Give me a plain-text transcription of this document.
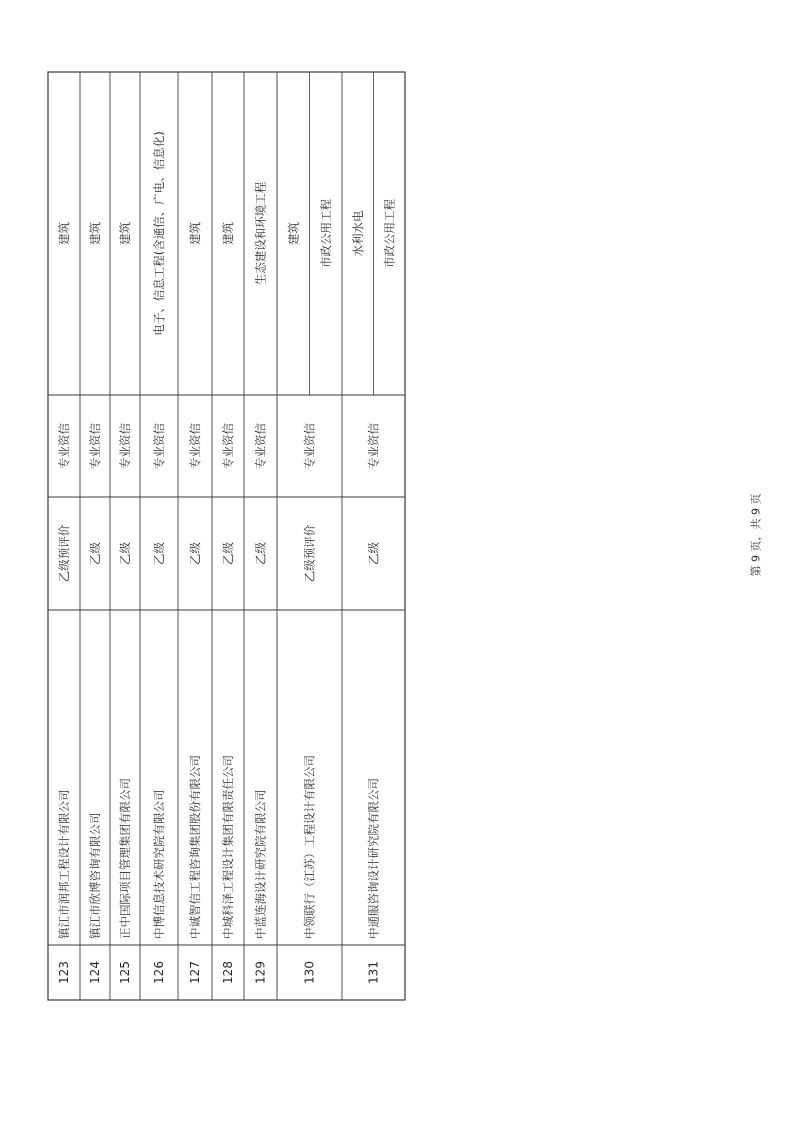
123
镇江市润邦工程设计有限公司
乙级预评价
专业资信
建筑
124
镇江市欣博咨询有限公司
乙级
专业资信
建筑
125
正中国际项目管理集团有限公司
乙级
专业资信
建筑
126
中博信息技术研究院有限公司
乙级
专业资信
电子、信息工程(含通信、广电、信息化)
127
中诚智信工程咨询集团股份有限公司
乙级
专业资信
建筑
128
中城科泽工程设计集团有限责任公司
乙级
专业资信
建筑
129
中蓝连海设计研究院有限公司
乙级
专业资信
生态建设和环境工程
130
中领联行（江苏）工程设计有限公司
乙级预评价
专业资信
建筑 市政公用工程
131
中通服咨询设计研究院有限公司
乙级
专业资信
水利水电 市政公用工程
第 9 页，共 9 页
